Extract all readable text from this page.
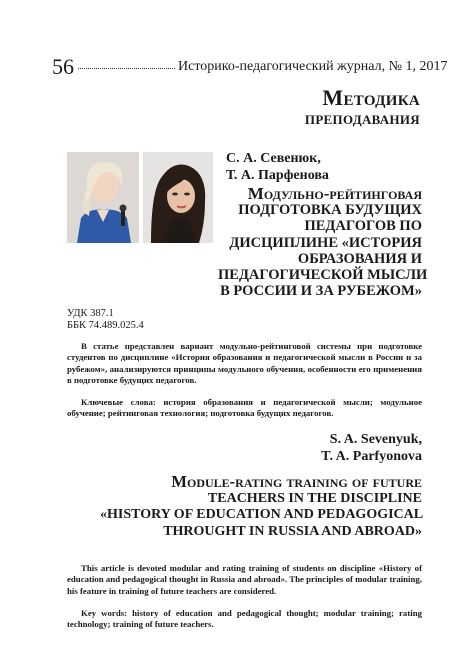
56	Историко-педагогический журнал, № 1, 2017
Методика
преподавания
С. А. Севенюк,
Т. А. Парфенова
Модульно-рейтинговая
ПОДГОТОВКА БУДУЩИХ
ПЕДАГОГОВ ПО
ДИСЦИПЛИНЕ «ИСТОРИЯ
ОБРАЗОВАНИЯ И
ПЕДАГОГИЧЕСКОЙ МЫСЛИ
В РОССИИ И ЗА РУБЕЖОМ»
УДК 387.1
ББК 74.489.025.4

В статье представлен вариант модульно-рейтинговой системы при подготовке студентов по дисциплине «История образования и педагогической мысли в России и за рубежом», анализируются принципы модульного обучения, особенности его применения в подготовке будущих педагогов.

Ключевые слова: история образования и педагогической мысли; модульное обучение; рейтинговая технология; подготовка будущих педагогов.

S. A. Sevenyuk,
T. A. Parfyonova
Module-rating training of future
TEACHERS IN THE DISCIPLINE
«HISTORY OF EDUCATION AND PEDAGOGICAL
THROUGHT IN RUSSIA AND ABROAD»

This article is devoted modular and rating training of students on discipline «History of education and pedagogical thought in Russia and abroad». The principles of modular training, his feature in training of future teachers are considered.

Key words: history of education and pedagogical thought; modular training; rating technology; training of future teachers.
